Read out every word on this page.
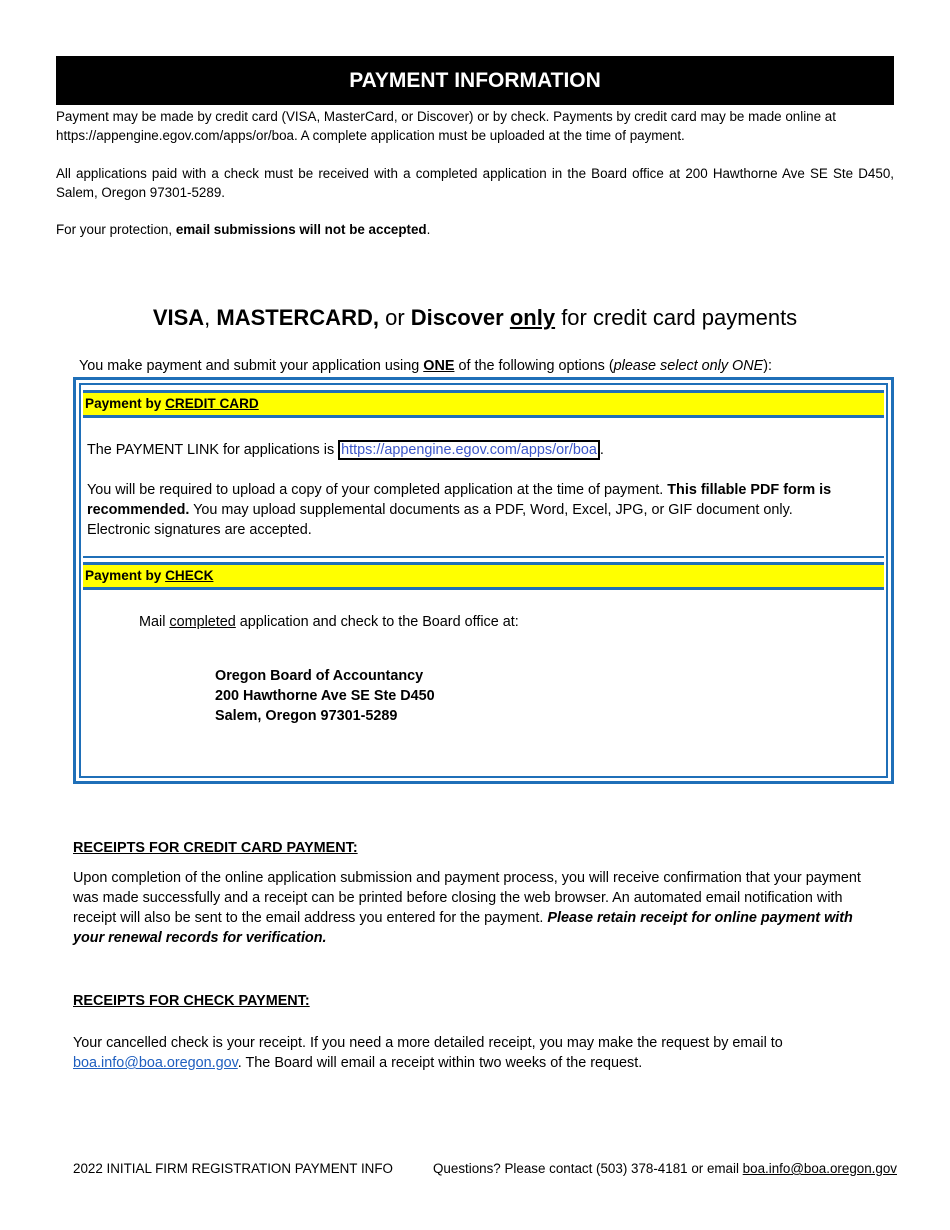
PAYMENT INFORMATION

Payment may be made by credit card (VISA, MasterCard, or Discover) or by check. Payments by credit card may be made online at https://appengine.egov.com/apps/or/boa. A complete application must be uploaded at the time of payment.

All applications paid with a check must be received with a completed application in the Board office at 200 Hawthorne Ave SE Ste D450, Salem, Oregon 97301-5289.

For your protection, email submissions will not be accepted.

VISA, MASTERCARD, or Discover only for credit card payments
You make payment and submit your application using ONE of the following options (please select only ONE):
Payment by CREDIT CARD
The PAYMENT LINK for applications is https://appengine.egov.com/apps/or/boa .
You will be required to upload a copy of your completed application at the time of payment. This fillable PDF form is recommended. You may upload supplemental documents as a PDF, Word, Excel, JPG, or GIF document only. Electronic signatures are accepted.
Payment by CHECK
Mail completed application and check to the Board office at:
Oregon Board of Accountancy
200 Hawthorne Ave SE Ste D450
Salem, Oregon 97301-5289
RECEIPTS FOR CREDIT CARD PAYMENT:
Upon completion of the online application submission and payment process, you will receive confirmation that your payment was made successfully and a receipt can be printed before closing the web browser. An automated email notification with receipt will also be sent to the email address you entered for the payment. Please retain receipt for online payment with your renewal records for verification.
RECEIPTS FOR CHECK PAYMENT:
Your cancelled check is your receipt. If you need a more detailed receipt, you may make the request by email to boa.info@boa.oregon.gov. The Board will email a receipt within two weeks of the request.
2022 INITIAL FIRM REGISTRATION PAYMENT INFO	Questions? Please contact (503) 378-4181 or email boa.info@boa.oregon.gov
